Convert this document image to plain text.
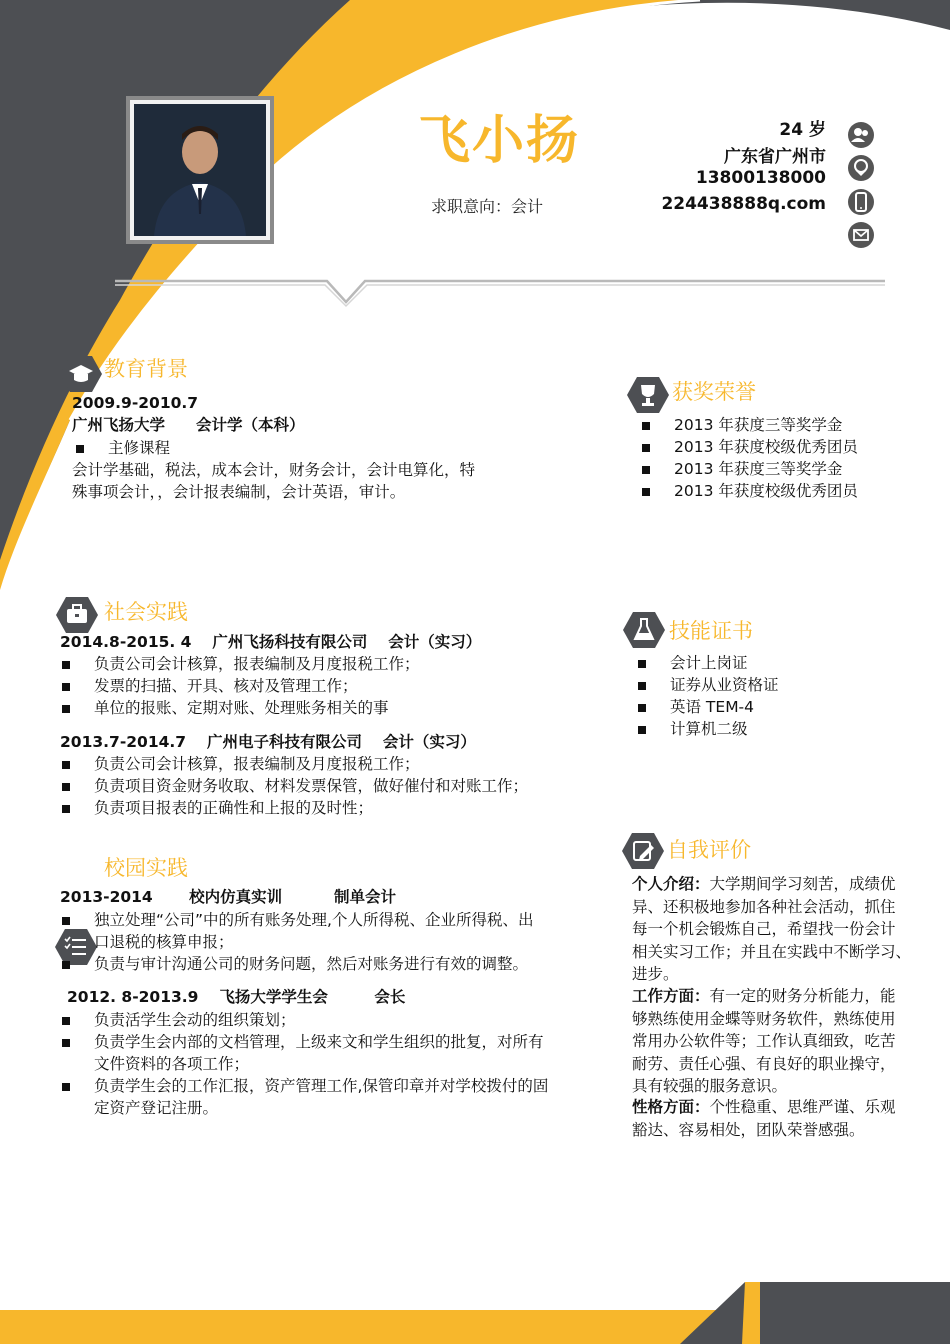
飞小扬
求职意向：会计
24 岁
广东省广州市
13800138000
224438888q.com
教育背景
2009.9-2010.7
广州飞扬大学　　会计学（本科）
主修课程
会计学基础，税法，成本会计，财务会计，会计电算化，特
殊事项会计，，会计报表编制，会计英语，审计。
获奖荣誉
2013 年获度三等奖学金
2013 年获度校级优秀团员
2013 年获度三等奖学金
2013 年获度校级优秀团员
社会实践
2014.8-2015. 4　 广州飞扬科技有限公司　 会计（实习）
负责公司会计核算，报表编制及月度报税工作；
发票的扫描、开具、核对及管理工作；
单位的报账、定期对账、处理账务相关的事
2013.7-2014.7　 广州电子科技有限公司　 会计（实习）
负责公司会计核算，报表编制及月度报税工作；
负责项目资金财务收取、材料发票保管，做好催付和对账工作；
负责项目报表的正确性和上报的及时性；
技能证书
会计上岗证
证券从业资格证
英语 TEM-4
计算机二级
校园实践
2013-2014　　 校内仿真实训　　　 制单会计
独立处理“公司”中的所有账务处理,个人所得税、企业所得税、出
口退税的核算申报；
负责与审计沟通公司的财务问题，然后对账务进行有效的调整。
2012. 8-2013.9　 飞扬大学学生会　　　会长
负责活学生会动的组织策划；
负责学生会内部的文档管理，上级来文和学生组织的批复，对所有
文件资料的各项工作；
负责学生会的工作汇报，资产管理工作,保管印章并对学校拨付的固
定资产登记注册。
自我评价
个人介绍：大学期间学习刻苦，成绩优
异、还积极地参加各种社会活动，抓住
每一个机会锻炼自己，希望找一份会计
相关实习工作；并且在实践中不断学习、
进步。
工作方面：有一定的财务分析能力，能
够熟练使用金蝶等财务软件，熟练使用
常用办公软件等；工作认真细致，吃苦
耐劳、责任心强、有良好的职业操守，
具有较强的服务意识。
性格方面：个性稳重、思维严谨、乐观
豁达、容易相处，团队荣誉感强。
